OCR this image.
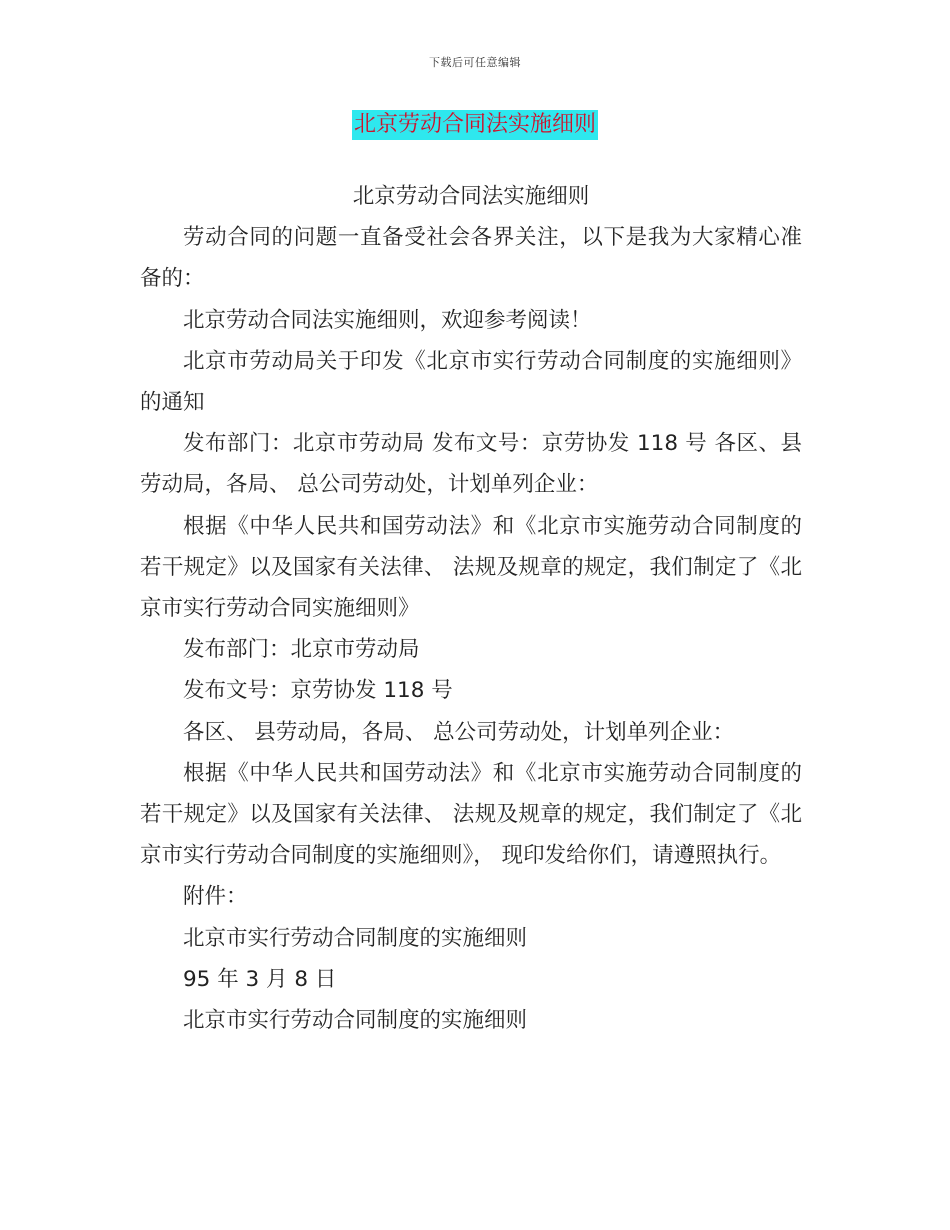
下载后可任意编辑
北京劳动合同法实施细则

北京劳动合同法实施细则

劳动合同的问题一直备受社会各界关注，以下是我为大家精心准备的：

北京劳动合同法实施细则，欢迎参考阅读！

北京市劳动局关于印发《北京市实行劳动合同制度的实施细则》的通知

发布部门：北京市劳动局 发布文号：京劳协发 118 号 各区、县劳动局，各局、 总公司劳动处，计划单列企业：

根据《中华人民共和国劳动法》和《北京市实施劳动合同制度的若干规定》以及国家有关法律、 法规及规章的规定，我们制定了《北京市实行劳动合同实施细则》

发布部门：北京市劳动局

发布文号：京劳协发 118 号

各区、 县劳动局，各局、 总公司劳动处，计划单列企业：

根据《中华人民共和国劳动法》和《北京市实施劳动合同制度的若干规定》以及国家有关法律、 法规及规章的规定，我们制定了《北京市实行劳动合同制度的实施细则》， 现印发给你们，请遵照执行。

附件：

北京市实行劳动合同制度的实施细则

95 年 3 月 8 日

北京市实行劳动合同制度的实施细则
